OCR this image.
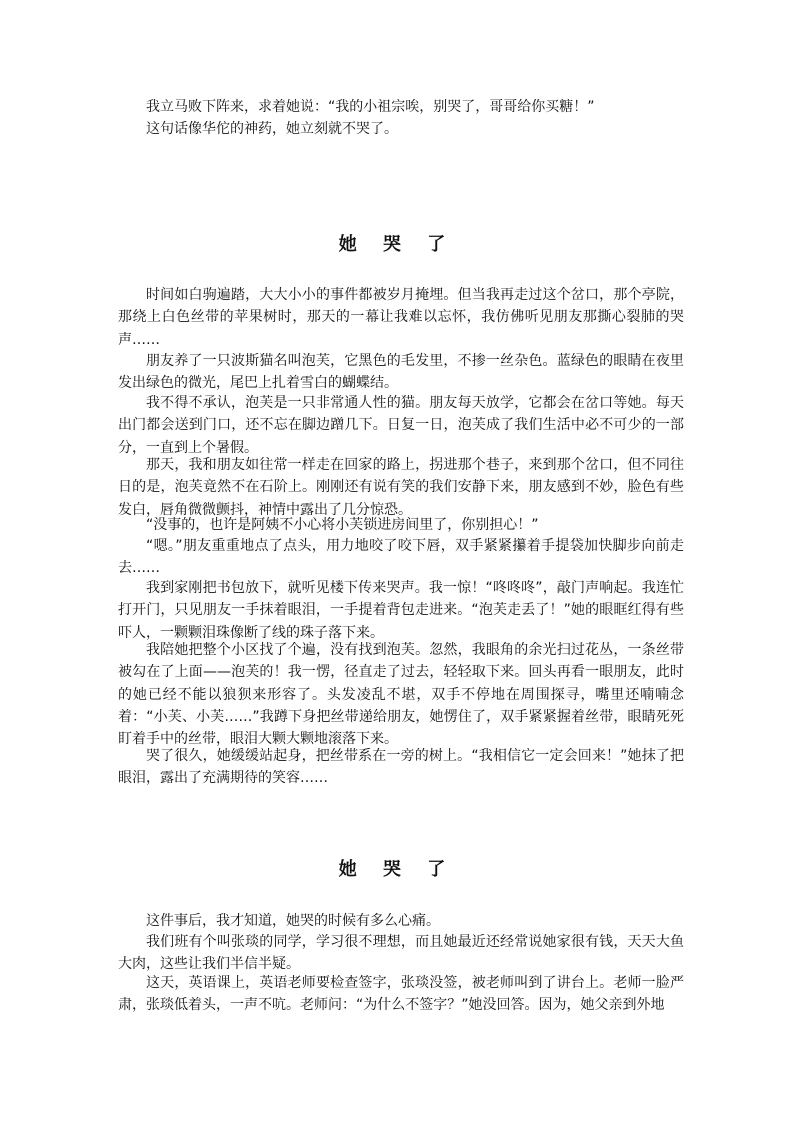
我立马败下阵来，求着她说：“我的小祖宗唉，别哭了，哥哥给你买糖！”

这句话像华佗的神药，她立刻就不哭了。

她 哭 了

时间如白驹遍踏，大大小小的事件都被岁月掩埋。但当我再走过这个岔口，那个亭院，那绕上白色丝带的苹果树时，那天的一幕让我难以忘怀，我仿佛听见朋友那撕心裂肺的哭声……

朋友养了一只波斯猫名叫泡芙，它黑色的毛发里，不掺一丝杂色。蓝绿色的眼睛在夜里发出绿色的微光，尾巴上扎着雪白的蝴蝶结。

我不得不承认，泡芙是一只非常通人性的猫。朋友每天放学，它都会在岔口等她。每天出门都会送到门口，还不忘在脚边蹭几下。日复一日，泡芙成了我们生活中必不可少的一部分，一直到上个暑假。

那天，我和朋友如往常一样走在回家的路上，拐进那个巷子，来到那个岔口，但不同往日的是，泡芙竟然不在石阶上。刚刚还有说有笑的我们安静下来，朋友感到不妙，脸色有些发白，唇角微微颤抖，神情中露出了几分惊恐。

“没事的，也许是阿姨不小心将小芙锁进房间里了，你别担心！”

“嗯。”朋友重重地点了点头，用力地咬了咬下唇，双手紧紧攥着手提袋加快脚步向前走去……

我到家刚把书包放下，就听见楼下传来哭声。我一惊！“咚咚咚”，敲门声响起。我连忙打开门，只见朋友一手抹着眼泪，一手提着背包走进来。“泡芙走丢了！”她的眼眶红得有些吓人，一颗颗泪珠像断了线的珠子落下来。

我陪她把整个小区找了个遍，没有找到泡芙。忽然，我眼角的余光扫过花丛，一条丝带被勾在了上面——泡芙的！我一愣，径直走了过去，轻轻取下来。回头再看一眼朋友，此时的她已经不能以狼狈来形容了。头发凌乱不堪，双手不停地在周围探寻，嘴里还喃喃念着：“小芙、小芙……”我蹲下身把丝带递给朋友，她愣住了，双手紧紧握着丝带，眼睛死死盯着手中的丝带，眼泪大颗大颗地滚落下来。

哭了很久，她缓缓站起身，把丝带系在一旁的树上。“我相信它一定会回来！”她抹了把眼泪，露出了充满期待的笑容……

她 哭 了

这件事后，我才知道，她哭的时候有多么心痛。

我们班有个叫张琰的同学，学习很不理想，而且她最近还经常说她家很有钱，天天大鱼大肉，这些让我们半信半疑。

这天，英语课上，英语老师要检查签字，张琰没签，被老师叫到了讲台上。老师一脸严肃，张琰低着头，一声不吭。老师问：“为什么不签字？”她没回答。因为，她父亲到外地
